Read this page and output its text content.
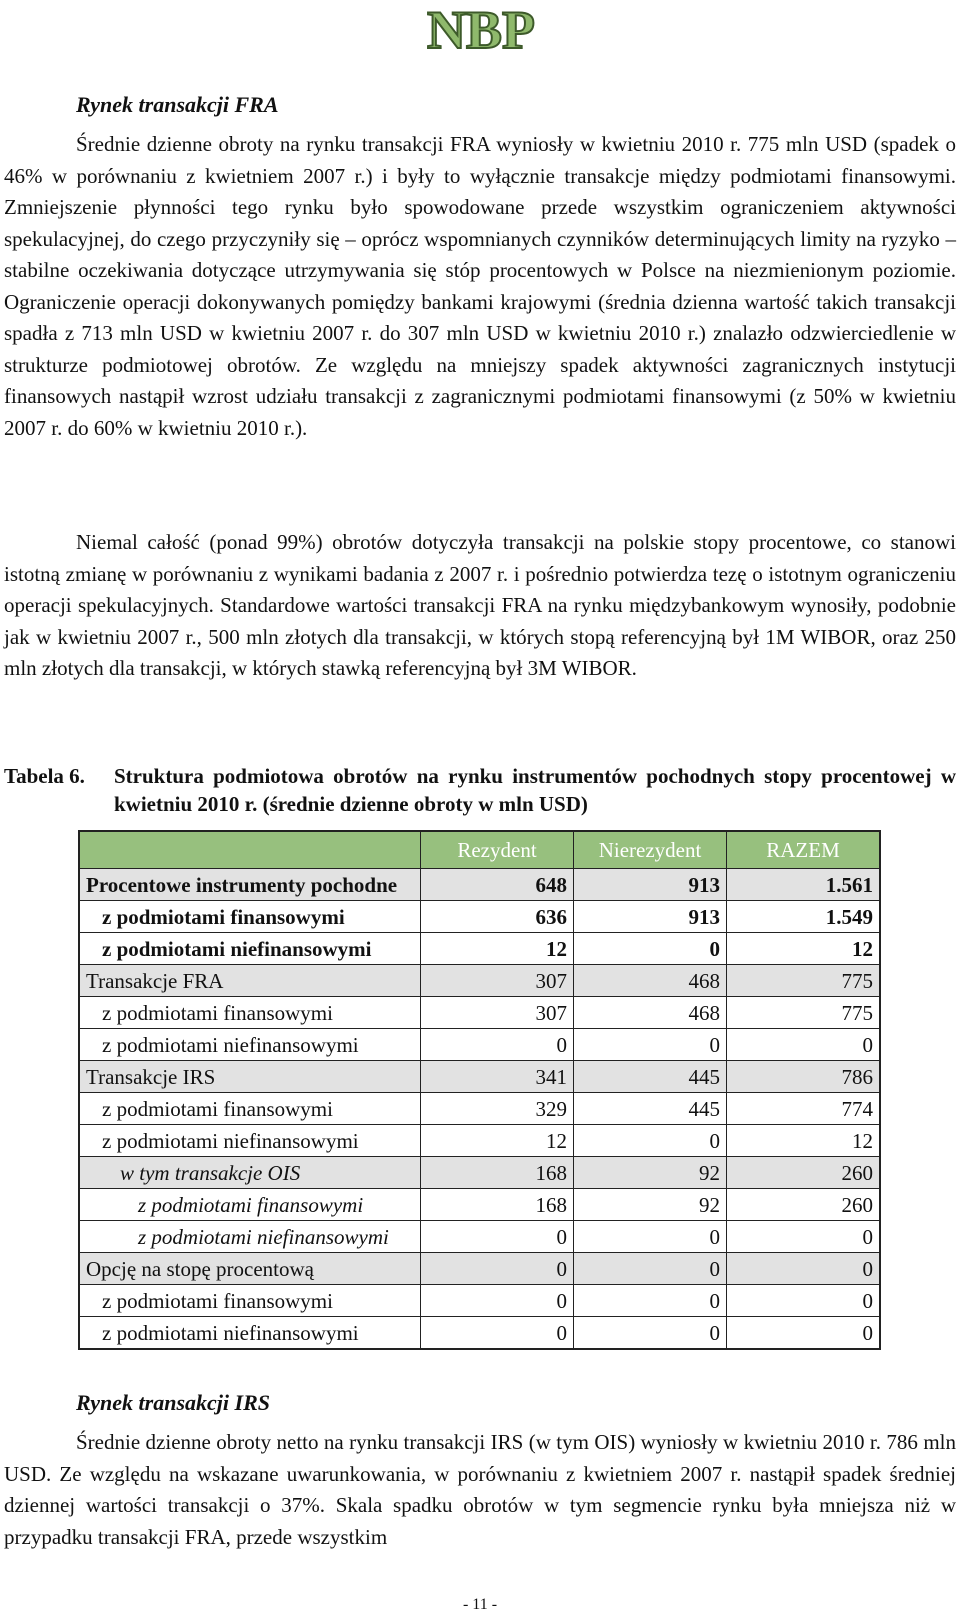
NBP
Rynek transakcji FRA

Średnie dzienne obroty na rynku transakcji FRA wyniosły w kwietniu 2010 r. 775 mln USD (spadek o 46% w porównaniu z kwietniem 2007 r.) i były to wyłącznie transakcje między podmiotami finansowymi. Zmniejszenie płynności tego rynku było spowodowane przede wszystkim ograniczeniem aktywności spekulacyjnej, do czego przyczyniły się – oprócz wspomnianych czynników determinujących limity na ryzyko – stabilne oczekiwania dotyczące utrzymywania się stóp procentowych w Polsce na niezmienionym poziomie. Ograniczenie operacji dokonywanych pomiędzy bankami krajowymi (średnia dzienna wartość takich transakcji spadła z 713 mln USD w kwietniu 2007 r. do 307 mln USD w kwietniu 2010 r.) znalazło odzwierciedlenie w strukturze podmiotowej obrotów. Ze względu na mniejszy spadek aktywności zagranicznych instytucji finansowych nastąpił wzrost udziału transakcji z zagranicznymi podmiotami finansowymi (z 50% w kwietniu 2007 r. do 60% w kwietniu 2010 r.).

Niemal całość (ponad 99%) obrotów dotyczyła transakcji na polskie stopy procentowe, co stanowi istotną zmianę w porównaniu z wynikami badania z 2007 r. i pośrednio potwierdza tezę o istotnym ograniczeniu operacji spekulacyjnych. Standardowe wartości transakcji FRA na rynku międzybankowym wynosiły, podobnie jak w kwietniu 2007 r., 500 mln złotych dla transakcji, w których stopą referencyjną był 1M WIBOR, oraz 250 mln złotych dla transakcji, w których stawką referencyjną był 3M WIBOR.

Tabela 6.	Struktura podmiotowa obrotów na rynku instrumentów pochodnych stopy procentowej w kwietniu 2010 r. (średnie dzienne obroty w mln USD)
	Rezydent	Nierezydent	RAZEM
Procentowe instrumenty pochodne	648	913	1.561
z podmiotami finansowymi	636	913	1.549
z podmiotami niefinansowymi	12	0	12
Transakcje FRA	307	468	775
z podmiotami finansowymi	307	468	775
z podmiotami niefinansowymi	0	0	0
Transakcje IRS	341	445	786
z podmiotami finansowymi	329	445	774
z podmiotami niefinansowymi	12	0	12
w tym transakcje OIS	168	92	260
z podmiotami finansowymi	168	92	260
z podmiotami niefinansowymi	0	0	0
Opcję na stopę procentową	0	0	0
z podmiotami finansowymi	0	0	0
z podmiotami niefinansowymi	0	0	0
Rynek transakcji IRS

Średnie dzienne obroty netto na rynku transakcji IRS (w tym OIS) wyniosły w kwietniu 2010 r. 786 mln USD. Ze względu na wskazane uwarunkowania, w porównaniu z kwietniem 2007 r. nastąpił spadek średniej dziennej wartości transakcji o 37%. Skala spadku obrotów w tym segmencie rynku była mniejsza niż w przypadku transakcji FRA, przede wszystkim

- 11 -
